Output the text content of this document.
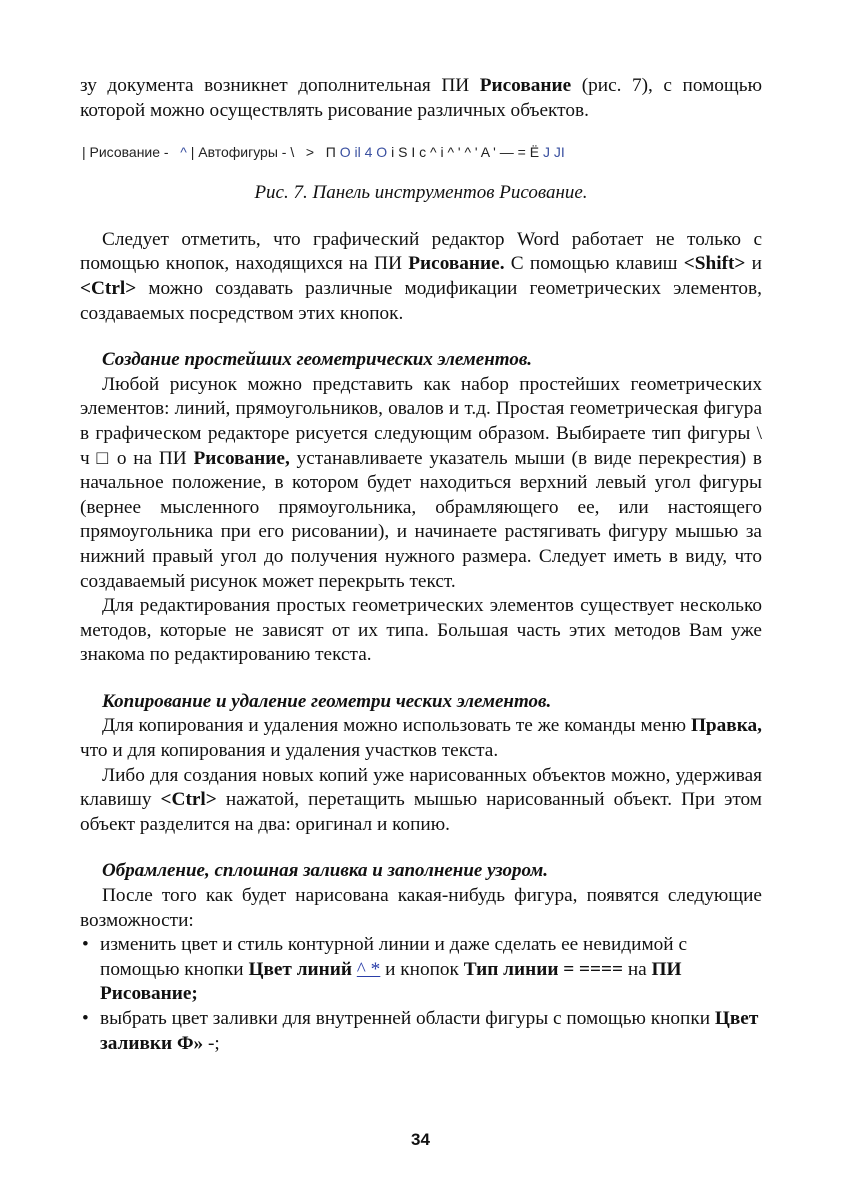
зу документа возникнет дополнительная ПИ Рисование (рис. 7), с помощью которой можно осуществлять рисование различных объектов.

| Рисование - ^ | Автофигуры - \ > П O il 4 O i S I c ^ i ^ ' ^ ' A ' — = Ё J JI

Рис. 7. Панель инструментов Рисование.

Следует отметить, что графический редактор Word работает не только с помощью кнопок, находящихся на ПИ Рисование. С помощью клавиш <Shift> и <Ctrl> можно создавать различные модификации геометрических элементов, создаваемых посредством этих кнопок.

Создание простейших геометрических элементов.

Любой рисунок можно представить как набор простейших геометрических элементов: линий, прямоугольников, овалов и т.д. Простая геометрическая фигура в графическом редакторе рисуется следующим образом. Выбираете тип фигуры \ ч □ о на ПИ Рисование, устанавливаете указатель мыши (в виде перекрестия) в начальное положение, в котором будет находиться верхний левый угол фигуры (вернее мысленного прямоугольника, обрамляющего ее, или настоящего прямоугольника при его рисовании), и начинаете растягивать фигуру мышью за нижний правый угол до получения нужного размера. Следует иметь в виду, что создаваемый рисунок может перекрыть текст.

Для редактирования простых геометрических элементов существует несколько методов, которые не зависят от их типа. Большая часть этих методов Вам уже знакома по редактированию текста.

Копирование и удаление геометри ческих элементов.

Для копирования и удаления можно использовать те же команды меню Правка, что и для копирования и удаления участков текста.

Либо для создания новых копий уже нарисованных объектов можно, удерживая клавишу <Ctrl> нажатой, перетащить мышью нарисованный объект. При этом объект разделится на два: оригинал и копию.

Обрамление, сплошная заливка и заполнение узором.

После того как будет нарисована какая-нибудь фигура, появятся следующие возможности:

• изменить цвет и стиль контурной линии и даже сделать ее невидимой с помощью кнопки Цвет линий ^ * и кнопок Тип линии = ==== на ПИ Рисование;
• выбрать цвет заливки для внутренней области фигуры с помощью кнопки Цвет заливки Ф» -;
34
